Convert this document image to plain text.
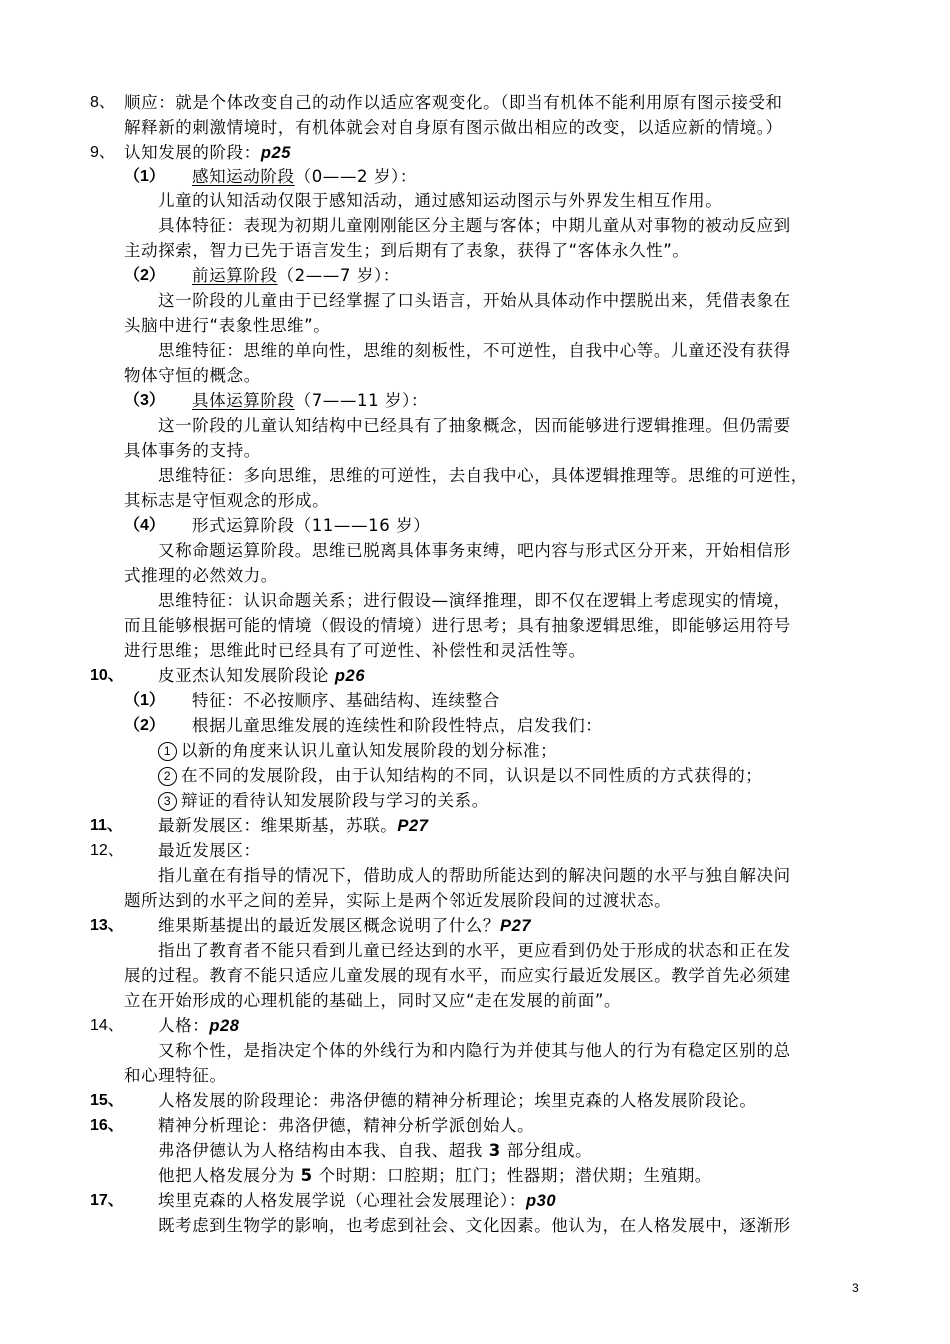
8、 顺应：就是个体改变自己的动作以适应客观变化。（即当有机体不能利用原有图示接受和
解释新的刺激情境时，有机体就会对自身原有图示做出相应的改变，以适应新的情境。）
9、 认知发展的阶段：p25
（1） 感知运动阶段（0——2 岁）：
儿童的认知活动仅限于感知活动，通过感知运动图示与外界发生相互作用。
具体特征：表现为初期儿童刚刚能区分主题与客体；中期儿童从对事物的被动反应到
主动探索，智力已先于语言发生；到后期有了表象，获得了“客体永久性”。
（2） 前运算阶段（2——7 岁）：
这一阶段的儿童由于已经掌握了口头语言，开始从具体动作中摆脱出来，凭借表象在
头脑中进行“表象性思维”。
思维特征：思维的单向性，思维的刻板性，不可逆性，自我中心等。儿童还没有获得
物体守恒的概念。
（3） 具体运算阶段（7——11 岁）：
这一阶段的儿童认知结构中已经具有了抽象概念，因而能够进行逻辑推理。但仍需要
具体事务的支持。
思维特征：多向思维，思维的可逆性，去自我中心，具体逻辑推理等。思维的可逆性，
其标志是守恒观念的形成。
（4） 形式运算阶段（11——16 岁）
又称命题运算阶段。思维已脱离具体事务束缚，吧内容与形式区分开来，开始相信形
式推理的必然效力。
思维特征：认识命题关系；进行假设—演绎推理，即不仅在逻辑上考虑现实的情境，
而且能够根据可能的情境（假设的情境）进行思考；具有抽象逻辑思维，即能够运用符号
进行思维；思维此时已经具有了可逆性、补偿性和灵活性等。
10、 皮亚杰认知发展阶段论 p26
（1） 特征：不必按顺序、基础结构、连续整合
（2） 根据儿童思维发展的连续性和阶段性特点，启发我们：
1 以新的角度来认识儿童认知发展阶段的划分标准；
2 在不同的发展阶段，由于认知结构的不同，认识是以不同性质的方式获得的；
3 辩证的看待认知发展阶段与学习的关系。
11、 最新发展区：维果斯基，苏联。P27
12、 最近发展区：
指儿童在有指导的情况下，借助成人的帮助所能达到的解决问题的水平与独自解决问
题所达到的水平之间的差异，实际上是两个邻近发展阶段间的过渡状态。
13、 维果斯基提出的最近发展区概念说明了什么？P27
指出了教育者不能只看到儿童已经达到的水平，更应看到仍处于形成的状态和正在发
展的过程。教育不能只适应儿童发展的现有水平，而应实行最近发展区。教学首先必须建
立在开始形成的心理机能的基础上，同时又应“走在发展的前面”。
14、 人格：p28
又称个性，是指决定个体的外线行为和内隐行为并使其与他人的行为有稳定区别的总
和心理特征。
15、 人格发展的阶段理论：弗洛伊德的精神分析理论；埃里克森的人格发展阶段论。
16、 精神分析理论：弗洛伊德，精神分析学派创始人。
弗洛伊德认为人格结构由本我、自我、超我 3 部分组成。
他把人格发展分为 5 个时期：口腔期；肛门；性器期；潜伏期；生殖期。
17、 埃里克森的人格发展学说（心理社会发展理论）：p30
既考虑到生物学的影响，也考虑到社会、文化因素。他认为，在人格发展中，逐渐形
3
